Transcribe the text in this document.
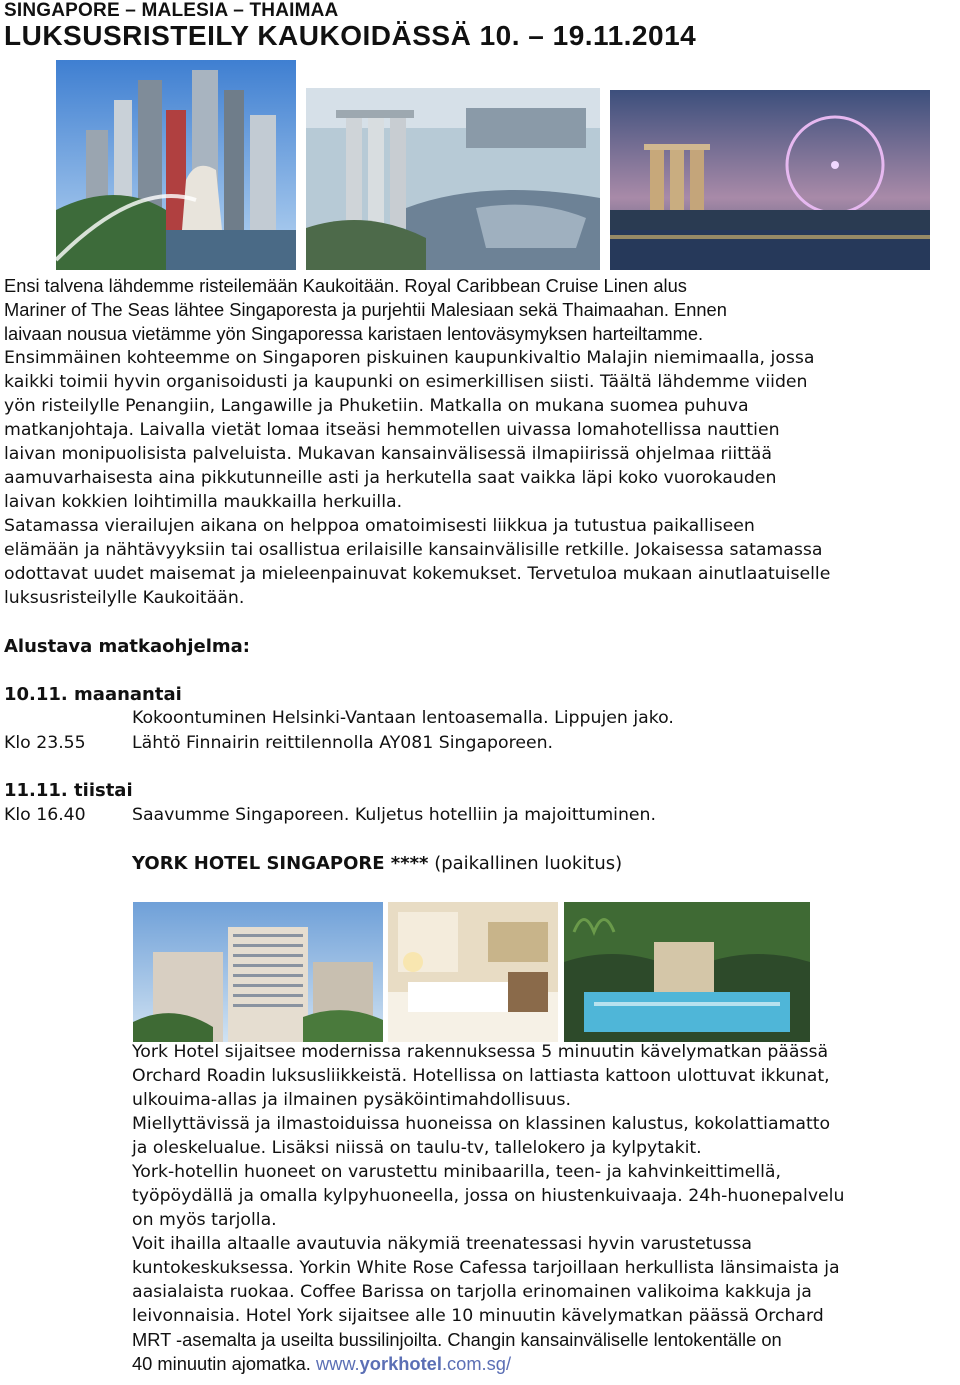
SINGAPORE – MALESIA – THAIMAA
LUKSUSRISTEILY KAUKOIDÄSSÄ 10. – 19.11.2014
Ensi talvena lähdemme risteilemään Kaukoitään. Royal Caribbean Cruise Linen alus
Mariner of The Seas lähtee Singaporesta ja purjehtii Malesiaan sekä Thaimaahan. Ennen
laivaan nousua vietämme yön Singaporessa karistaen lentoväsymyksen harteiltamme.
Ensimmäinen kohteemme on Singaporen piskuinen kaupunkivaltio Malajin niemimaalla, jossa
kaikki toimii hyvin organisoidusti ja kaupunki on esimerkillisen siisti. Täältä lähdemme viiden
yön risteilylle Penangiin, Langawille ja Phuketiin. Matkalla on mukana suomea puhuva
matkanjohtaja. Laivalla vietät lomaa itseäsi hemmotellen uivassa lomahotellissa nauttien
laivan monipuolisista palveluista. Mukavan kansainvälisessä ilmapiirissä ohjelmaa riittää
aamuvarhaisesta aina pikkutunneille asti ja herkutella saat vaikka läpi koko vuorokauden
laivan kokkien loihtimilla maukkailla herkuilla.
Satamassa vierailujen aikana on helppoa omatoimisesti liikkua ja tutustua paikalliseen
elämään ja nähtävyyksiin tai osallistua erilaisille kansainvälisille retkille. Jokaisessa satamassa
odottavat uudet maisemat ja mieleenpainuvat kokemukset. Tervetuloa mukaan ainutlaatuiselle
luksusristeilylle Kaukoitään.
Alustava matkaohjelma:
10.11. maanantai
Kokoontuminen Helsinki-Vantaan lentoasemalla. Lippujen jako.
Klo 23.55	Lähtö Finnairin reittilennolla AY081 Singaporeen.
11.11. tiistai
Klo 16.40	Saavumme Singaporeen. Kuljetus hotelliin ja majoittuminen.
YORK HOTEL SINGAPORE **** (paikallinen luokitus)
York Hotel sijaitsee modernissa rakennuksessa 5 minuutin kävelymatkan päässä
Orchard Roadin luksusliikkeistä. Hotellissa on lattiasta kattoon ulottuvat ikkunat,
ulkouima-allas ja ilmainen pysäköintimahdollisuus.
Miellyttävissä ja ilmastoiduissa huoneissa on klassinen kalustus, kokolattiamatto
ja oleskelualue. Lisäksi niissä on taulu-tv, tallelokero ja kylpytakit.
York-hotellin huoneet on varustettu minibaarilla, teen- ja kahvinkeittimellä,
työpöydällä ja omalla kylpyhuoneella, jossa on hiustenkuivaaja. 24h-huonepalvelu
on myös tarjolla.
Voit ihailla altaalle avautuvia näkymiä treenatessasi hyvin varustetussa
kuntokeskuksessa. Yorkin White Rose Cafessa tarjoillaan herkullista länsimaista ja
aasialaista ruokaa. Coffee Barissa on tarjolla erinomainen valikoima kakkuja ja
leivonnaisia. Hotel York sijaitsee alle 10 minuutin kävelymatkan päässä Orchard
MRT -asemalta ja useilta bussilinjoilta. Changin kansainväliselle lentokentälle on
40 minuutin ajomatka. www.yorkhotel.com.sg/
